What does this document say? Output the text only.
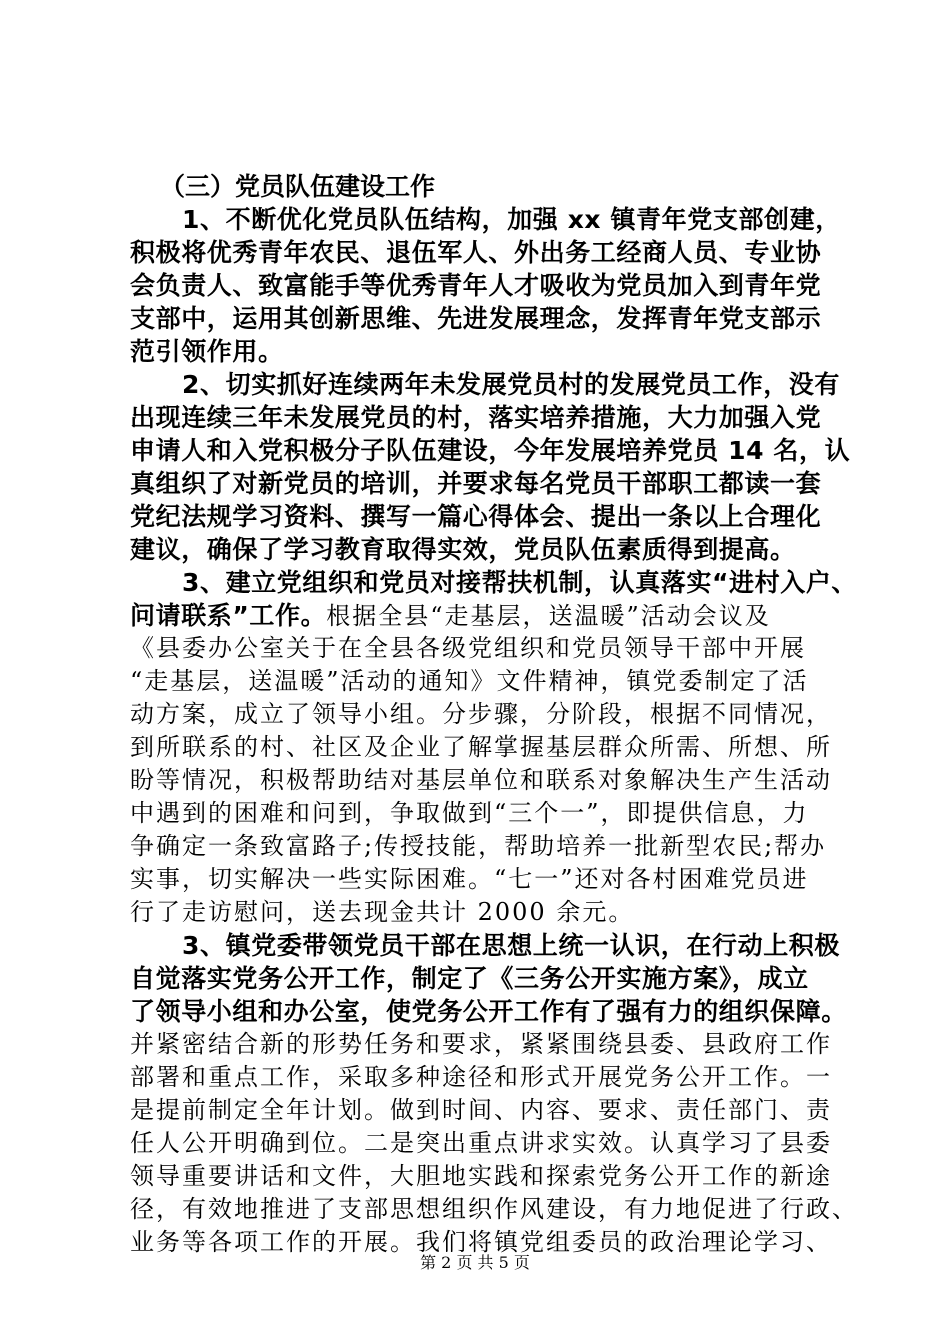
（三）党员队伍建设工作
1、不断优化党员队伍结构，加强 xx 镇青年党支部创建，
积极将优秀青年农民、退伍军人、外出务工经商人员、专业协
会负责人、致富能手等优秀青年人才吸收为党员加入到青年党
支部中，运用其创新思维、先进发展理念，发挥青年党支部示
范引领作用。
2、切实抓好连续两年未发展党员村的发展党员工作，没有
出现连续三年未发展党员的村，落实培养措施，大力加强入党
申请人和入党积极分子队伍建设，今年发展培养党员 14 名，认
真组织了对新党员的培训，并要求每名党员干部职工都读一套
党纪法规学习资料、撰写一篇心得体会、提出一条以上合理化
建议，确保了学习教育取得实效，党员队伍素质得到提高。
3、建立党组织和党员对接帮扶机制，认真落实“进村入户、
问请联系”工作。根据全县“走基层，送温暖”活动会议及
《县委办公室关于在全县各级党组织和党员领导干部中开展
“走基层，送温暖”活动的通知》文件精神，镇党委制定了活
动方案，成立了领导小组。分步骤，分阶段，根据不同情况，
到所联系的村、社区及企业了解掌握基层群众所需、所想、所
盼等情况，积极帮助结对基层单位和联系对象解决生产生活动
中遇到的困难和问到，争取做到“三个一”，即提供信息，力
争确定一条致富路子;传授技能，帮助培养一批新型农民;帮办
实事，切实解决一些实际困难。“七一”还对各村困难党员进
行了走访慰问，送去现金共计 2000 余元。
3、镇党委带领党员干部在思想上统一认识，在行动上积极
自觉落实党务公开工作，制定了《三务公开实施方案》，成立
了领导小组和办公室，使党务公开工作有了强有力的组织保障。
并紧密结合新的形势任务和要求，紧紧围绕县委、县政府工作
部署和重点工作，采取多种途径和形式开展党务公开工作。一
是提前制定全年计划。做到时间、内容、要求、责任部门、责
任人公开明确到位。二是突出重点讲求实效。认真学习了县委
领导重要讲话和文件，大胆地实践和探索党务公开工作的新途
径，有效地推进了支部思想组织作风建设，有力地促进了行政、
业务等各项工作的开展。我们将镇党组委员的政治理论学习、
第 2 页 共 5 页
